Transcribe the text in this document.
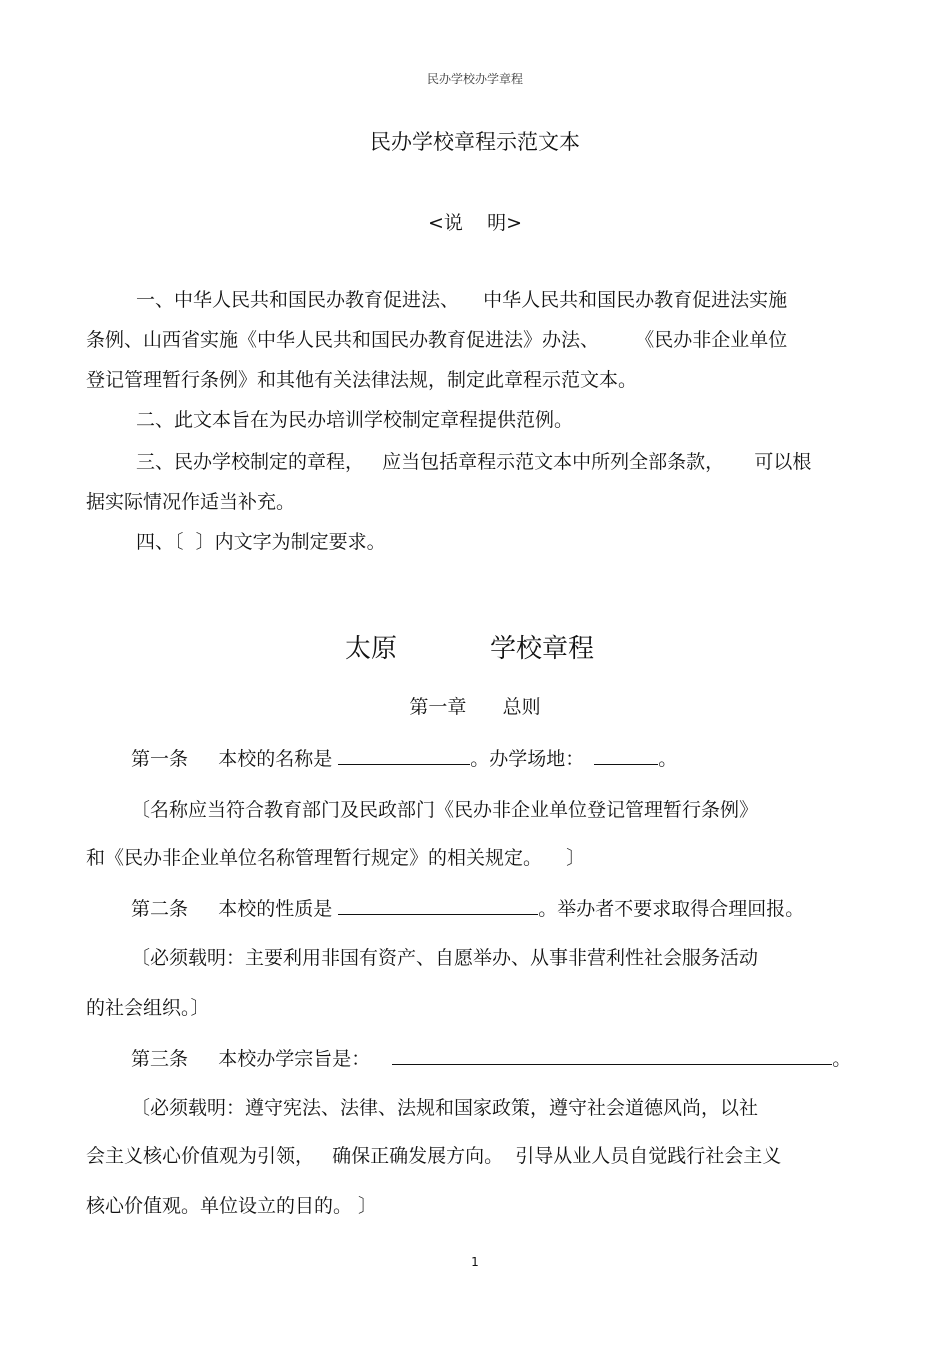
民办学校办学章程
民办学校章程示范文本
<说    明>
一、中华人民共和国民办教育促进法、    中华人民共和国民办教育促进法实施
条例、山西省实施《中华人民共和国民办教育促进法》办法、      《民办非企业单位
登记管理暂行条例》和其他有关法律法规，制定此章程示范文本。
二、此文本旨在为民办培训学校制定章程提供范例。
三、民办学校制定的章程，   应当包括章程示范文本中所列全部条款，     可以根
据实际情况作适当补充。
四、〔  〕内文字为制定要求。
太原	学校章程
第一章      总则
第一条     本校的名称是	。办学场地：	。
〔名称应当符合教育部门及民政部门《民办非企业单位登记管理暂行条例》
和《民办非企业单位名称管理暂行规定》的相关规定。    〕
第二条     本校的性质是	。举办者不要求取得合理回报。
〔必须载明：主要利用非国有资产、自愿举办、从事非营利性社会服务活动
的社会组织。〕
第三条     本校办学宗旨是：	。
〔必须载明：遵守宪法、法律、法规和国家政策，遵守社会道德风尚，以社
会主义核心价值观为引领，   确保正确发展方向。  引导从业人员自觉践行社会主义
核心价值观。单位设立的目的。 〕
1
